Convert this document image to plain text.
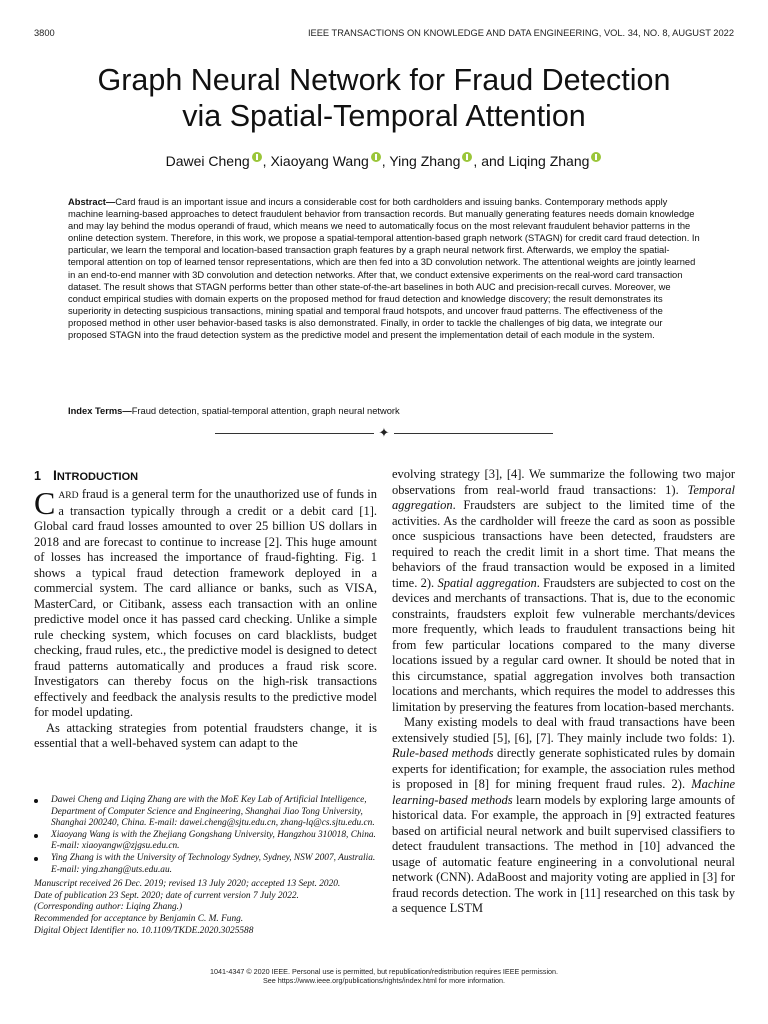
3800	IEEE TRANSACTIONS ON KNOWLEDGE AND DATA ENGINEERING, VOL. 34, NO. 8, AUGUST 2022
Graph Neural Network for Fraud Detection
via Spatial-Temporal Attention
Dawei Cheng , Xiaoyang Wang , Ying Zhang , and Liqing Zhang

Abstract—Card fraud is an important issue and incurs a considerable cost for both cardholders and issuing banks. Contemporary methods apply machine learning-based approaches to detect fraudulent behavior from transaction records. But manually generating features needs domain knowledge and may lay behind the modus operandi of fraud, which means we need to automatically focus on the most relevant fraudulent behavior patterns in the online detection system. Therefore, in this work, we propose a spatial-temporal attention-based graph network (STAGN) for credit card fraud detection. In particular, we learn the temporal and location-based transaction graph features by a graph neural network first. Afterwards, we employ the spatial-temporal attention on top of learned tensor representations, which are then fed into a 3D convolution network. The attentional weights are jointly learned in an end-to-end manner with 3D convolution and detection networks. After that, we conduct extensive experiments on the real-word card transaction dataset. The result shows that STAGN performs better than other state-of-the-art baselines in both AUC and precision-recall curves. Moreover, we conduct empirical studies with domain experts on the proposed method for fraud detection and knowledge discovery; the result demonstrates its superiority in detecting suspicious transactions, mining spatial and temporal fraud hotspots, and uncover fraud patterns. The effectiveness of the proposed method in other user behavior-based tasks is also demonstrated. Finally, in order to tackle the challenges of big data, we integrate our proposed STAGN into the fraud detection system as the predictive model and present the implementation detail of each module in the system.

Index Terms—Fraud detection, spatial-temporal attention, graph neural network

✦
1 INTRODUCTION

CARD fraud is a general term for the unauthorized use of funds in a transaction typically through a credit or a debit card [1]. Global card fraud losses amounted to over 25 billion US dollars in 2018 and are forecast to continue to increase [2]. This huge amount of losses has increased the importance of fraud-fighting. Fig. 1 shows a typical fraud detection framework deployed in a commercial system. The card alliance or banks, such as VISA, MasterCard, or Citibank, assess each transaction with an online predictive model once it has passed card checking. Unlike a simple rule checking system, which focuses on card blacklists, budget checking, fraud rules, etc., the predictive model is designed to detect fraud patterns automatically and produces a fraud risk score. Investigators can thereby focus on the high-risk transactions effectively and feedback the analysis results to the predictive model for model updating.

As attacking strategies from potential fraudsters change, it is essential that a well-behaved system can adapt to the

evolving strategy [3], [4]. We summarize the following two major observations from real-world fraud transactions: 1). Temporal aggregation. Fraudsters are subject to the limited time of the activities. As the cardholder will freeze the card as soon as possible once suspicious transactions have been detected, fraudsters are required to reach the credit limit in a short time. That means the behaviors of the fraud transaction would be exposed in a limited time. 2). Spatial aggregation. Fraudsters are subjected to cost on the devices and merchants of transactions. That is, due to the economic constraints, fraudsters exploit few vulnerable merchants/devices more frequently, which leads to fraudulent transactions being hit from few particular locations compared to the many diverse locations issued by a regular card owner. It should be noted that in this circumstance, spatial aggregation involves both transaction locations and merchants, which requires the model to addresses this limitation by preserving the features from location-based merchants.

Many existing models to deal with fraud transactions have been extensively studied [5], [6], [7]. They mainly include two folds: 1). Rule-based methods directly generate sophisticated rules by domain experts for identification; for example, the association rules method is proposed in [8] for mining frequent fraud rules. 2). Machine learning-based methods learn models by exploring large amounts of historical data. For example, the approach in [9] extracted features based on artificial neural network and built supervised classifiers to detect fraudulent transactions. The method in [10] advanced the usage of automatic feature engineering in a convolutional neural network (CNN). AdaBoost and majority voting are applied in [3] for fraud records detection. The work in [11] researched on this task by a sequence LSTM

Dawei Cheng and Liqing Zhang are with the MoE Key Lab of Artificial Intelligence, Department of Computer Science and Engineering, Shanghai Jiao Tong University, Shanghai 200240, China. E-mail: dawei.cheng@sjtu.edu.cn, zhang-lq@cs.sjtu.edu.cn.
Xiaoyang Wang is with the Zhejiang Gongshang University, Hangzhou 310018, China. E-mail: xiaoyangw@zjgsu.edu.cn.
Ying Zhang is with the University of Technology Sydney, Sydney, NSW 2007, Australia. E-mail: ying.zhang@uts.edu.au.
Manuscript received 26 Dec. 2019; revised 13 July 2020; accepted 13 Sept. 2020.
Date of publication 23 Sept. 2020; date of current version 7 July 2022.
(Corresponding author: Liqing Zhang.)
Recommended for acceptance by Benjamin C. M. Fung.
Digital Object Identifier no. 10.1109/TKDE.2020.3025588
1041-4347 © 2020 IEEE. Personal use is permitted, but republication/redistribution requires IEEE permission.
See https://www.ieee.org/publications/rights/index.html for more information.
